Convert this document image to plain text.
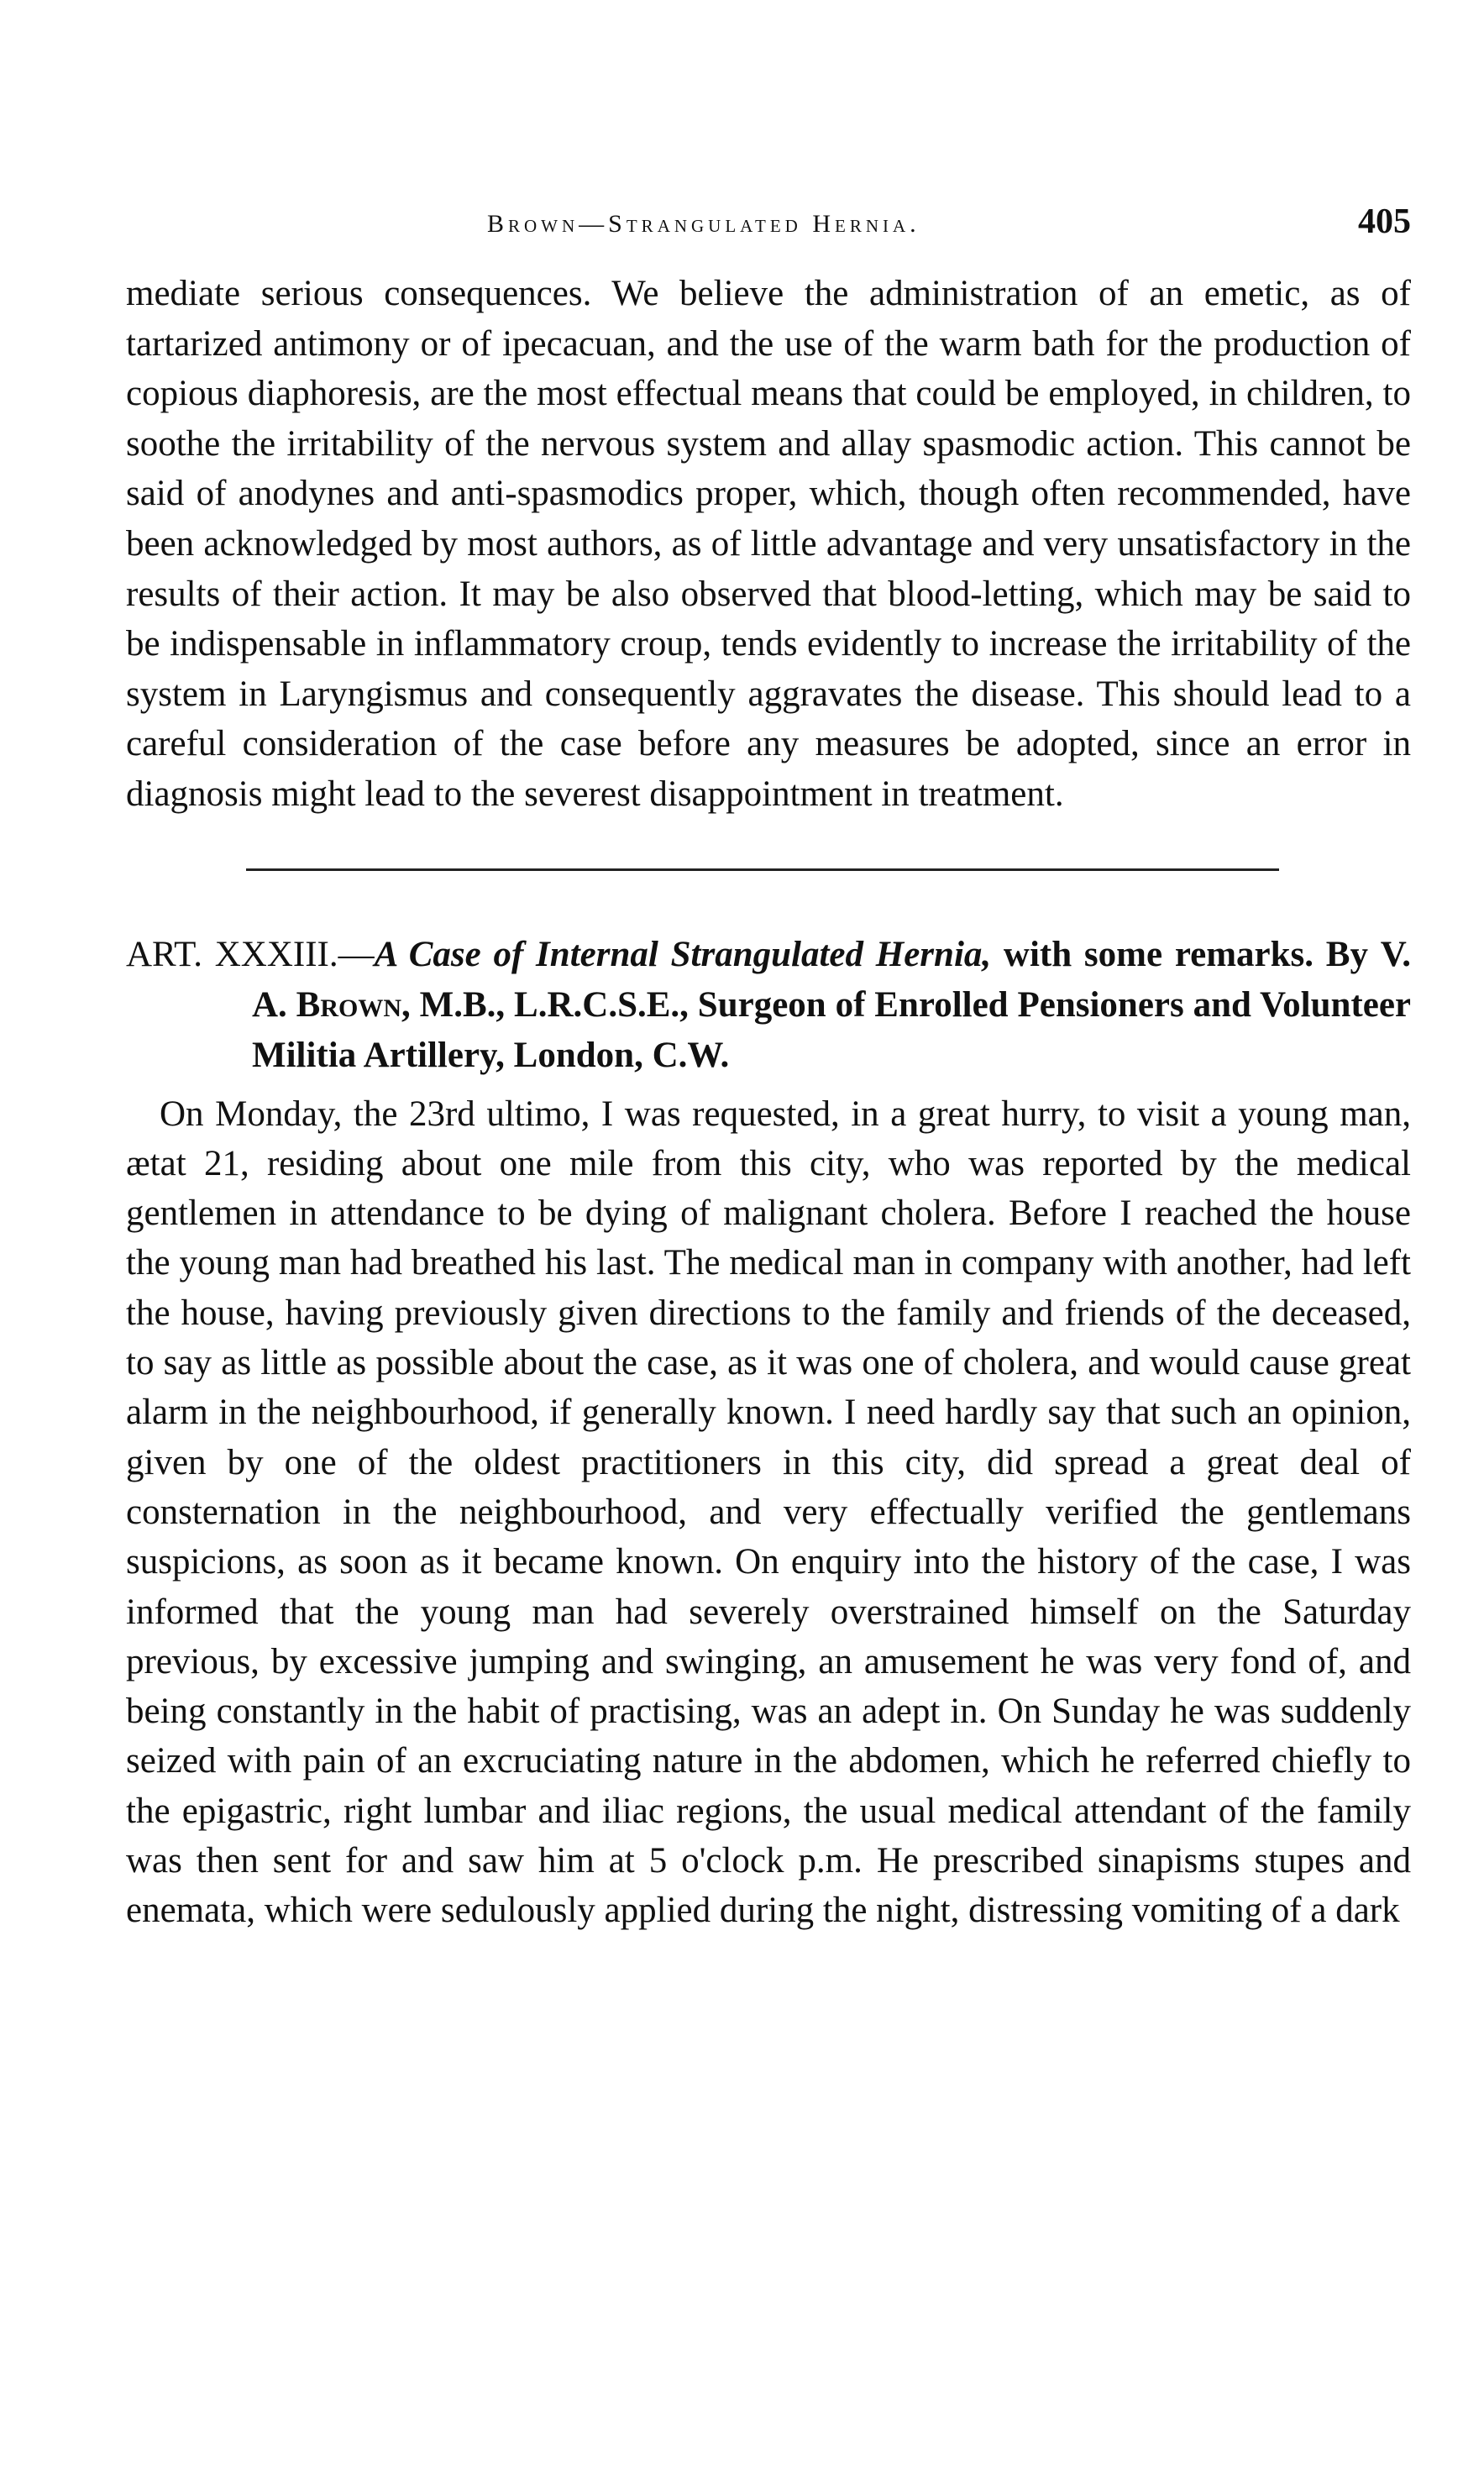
Brown—Strangulated Hernia.	405

mediate serious consequences. We believe the administration of an emetic, as of tartarized antimony or of ipecacuan, and the use of the warm bath for the production of copious diaphoresis, are the most effectual means that could be employed, in children, to soothe the irritability of the nervous system and allay spasmodic action. This cannot be said of anodynes and anti-spasmodics proper, which, though often recommended, have been acknowledged by most authors, as of little advantage and very unsatisfactory in the results of their action. It may be also observed that blood-letting, which may be said to be indispensable in inflammatory croup, tends evidently to increase the irritability of the system in Laryngismus and consequently aggravates the disease. This should lead to a careful consideration of the case before any measures be adopted, since an error in diagnosis might lead to the severest disappointment in treatment.

ART. XXXIII.—A Case of Internal Strangulated Hernia, with some remarks. By V. A. Brown, M.B., L.R.C.S.E., Surgeon of Enrolled Pensioners and Volunteer Militia Artillery, London, C.W.

On Monday, the 23rd ultimo, I was requested, in a great hurry, to visit a young man, ætat 21, residing about one mile from this city, who was reported by the medical gentlemen in attendance to be dying of malignant cholera. Before I reached the house the young man had breathed his last. The medical man in company with another, had left the house, having previously given directions to the family and friends of the deceased, to say as little as possible about the case, as it was one of cholera, and would cause great alarm in the neighbourhood, if generally known. I need hardly say that such an opinion, given by one of the oldest practitioners in this city, did spread a great deal of consternation in the neighbourhood, and very effectually verified the gentlemans suspicions, as soon as it became known. On enquiry into the history of the case, I was informed that the young man had severely overstrained himself on the Saturday previous, by excessive jumping and swinging, an amusement he was very fond of, and being constantly in the habit of practising, was an adept in. On Sunday he was suddenly seized with pain of an excruciating nature in the abdomen, which he referred chiefly to the epigastric, right lumbar and iliac regions, the usual medical attendant of the family was then sent for and saw him at 5 o'clock p.m. He prescribed sinapisms stupes and enemata, which were sedulously applied during the night, distressing vomiting of a dark
